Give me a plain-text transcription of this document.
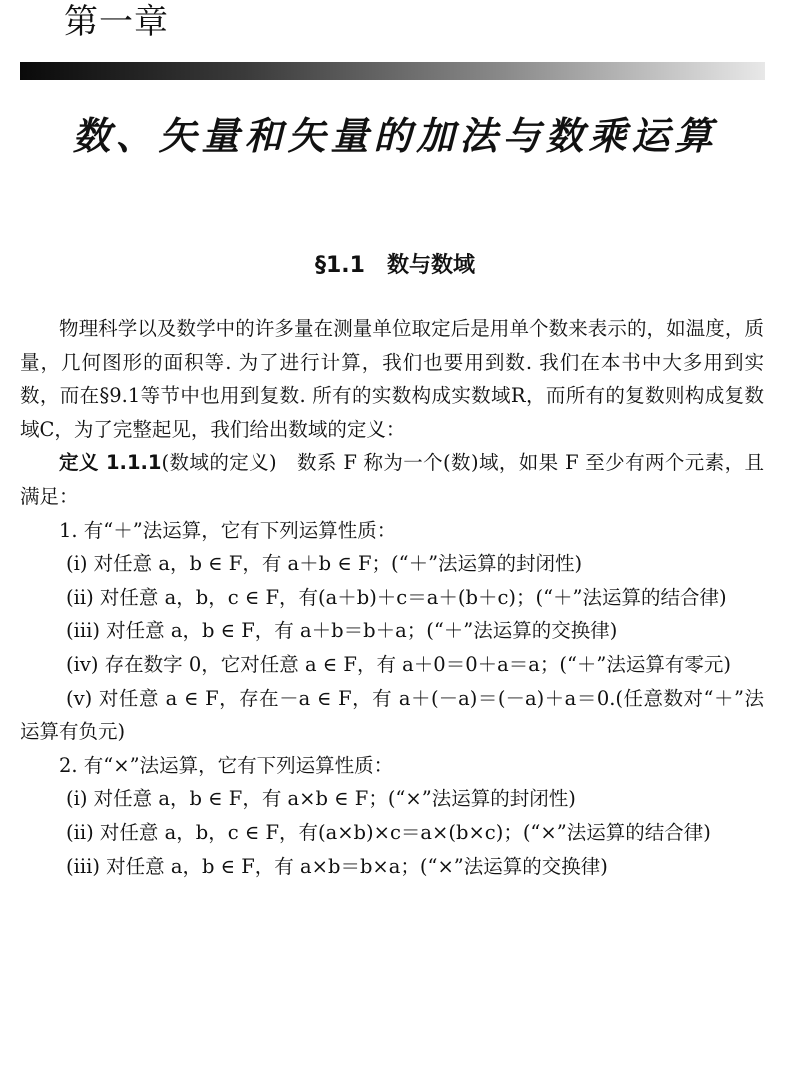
第一章
数、矢量和矢量的加法与数乘运算
§1.1　数与数域

物理科学以及数学中的许多量在测量单位取定后是用单个数来表示的，如温度，质量，几何图形的面积等. 为了进行计算，我们也要用到数. 我们在本书中大多用到实数，而在§9.1等节中也用到复数. 所有的实数构成实数域R，而所有的复数则构成复数域C，为了完整起见，我们给出数域的定义：

定义 1.1.1(数域的定义)　 数系 F 称为一个(数)域，如果 F 至少有两个元素，且满足：

1. 有“＋”法运算，它有下列运算性质：

(i) 对任意 a，b ∈ F，有 a＋b ∈ F；(“＋”法运算的封闭性)

(ii) 对任意 a，b，c ∈ F，有(a＋b)＋c＝a＋(b＋c)；(“＋”法运算的结合律)

(iii) 对任意 a，b ∈ F，有 a＋b＝b＋a；(“＋”法运算的交换律)

(iv) 存在数字 0，它对任意 a ∈ F，有 a＋0＝0＋a＝a；(“＋”法运算有零元)

(v) 对任意 a ∈ F，存在－a ∈ F，有 a＋(－a)＝(－a)＋a＝0.(任意数对“＋”法运算有负元)

2. 有“×”法运算，它有下列运算性质：

(i) 对任意 a，b ∈ F，有 a×b ∈ F；(“×”法运算的封闭性)

(ii) 对任意 a，b，c ∈ F，有(a×b)×c＝a×(b×c)；(“×”法运算的结合律)

(iii) 对任意 a，b ∈ F，有 a×b＝b×a；(“×”法运算的交换律)
